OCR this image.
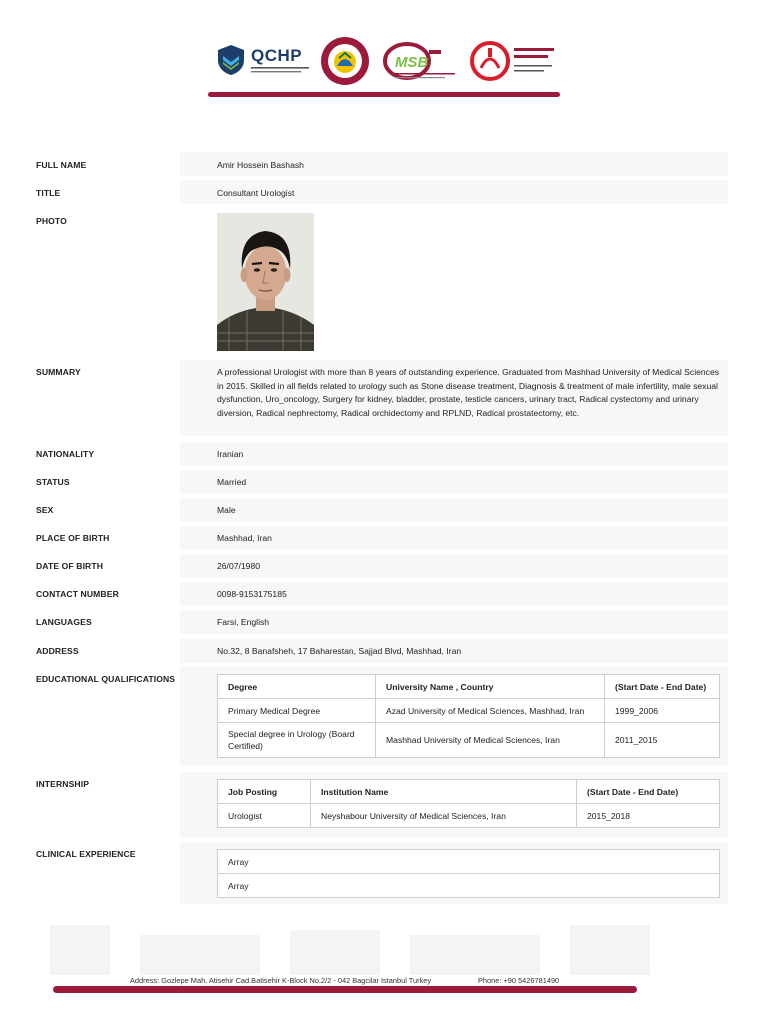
QCHP	MSB
FULL NAME	Amir Hossein Bashash
TITLE	Consultant Urologist
PHOTO
SUMMARY	A professional Urologist with more than 8 years of outstanding experience. Graduated from Mashhad University of Medical Sciences in 2015. Skilled in all fields related to urology such as Stone disease treatment, Diagnosis & treatment of male infertility, male sexual dysfunction, Uro_oncology, Surgery for kidney, bladder, prostate, testicle cancers, urinary tract, Radical cystectomy and urinary diversion, Radical nephrectomy, Radical orchidectomy and RPLND, Radical prostatectomy, etc.
NATIONALITY	Iranian
STATUS	Married
SEX	Male
PLACE OF BIRTH	Mashhad, Iran
DATE OF BIRTH	26/07/1980
CONTACT NUMBER	0098-9153175185
LANGUAGES	Farsi, English
ADDRESS	No.32, 8 Banafsheh, 17 Baharestan, Sajjad Blvd, Mashhad, Iran
EDUCATIONAL QUALIFICATIONS
Degree	University Name , Country	(Start Date - End Date)
Primary Medical Degree	Azad University of Medical Sciences, Mashhad, Iran	1999_2006
Special degree in Urology (Board Certified)	Mashhad University of Medical Sciences, Iran	2011_2015
INTERNSHIP
Job Posting	Institution Name	(Start Date - End Date)
Urologist	Neyshabour University of Medical Sciences, Iran	2015_2018
CLINICAL EXPERIENCE
Array
Array
Address: Gozlepe Mah. Atisehir Cad.Batisehir K-Block No.2/2 - 042 Bagcilar Istanbul Turkey	Phone: +90 5426781490
